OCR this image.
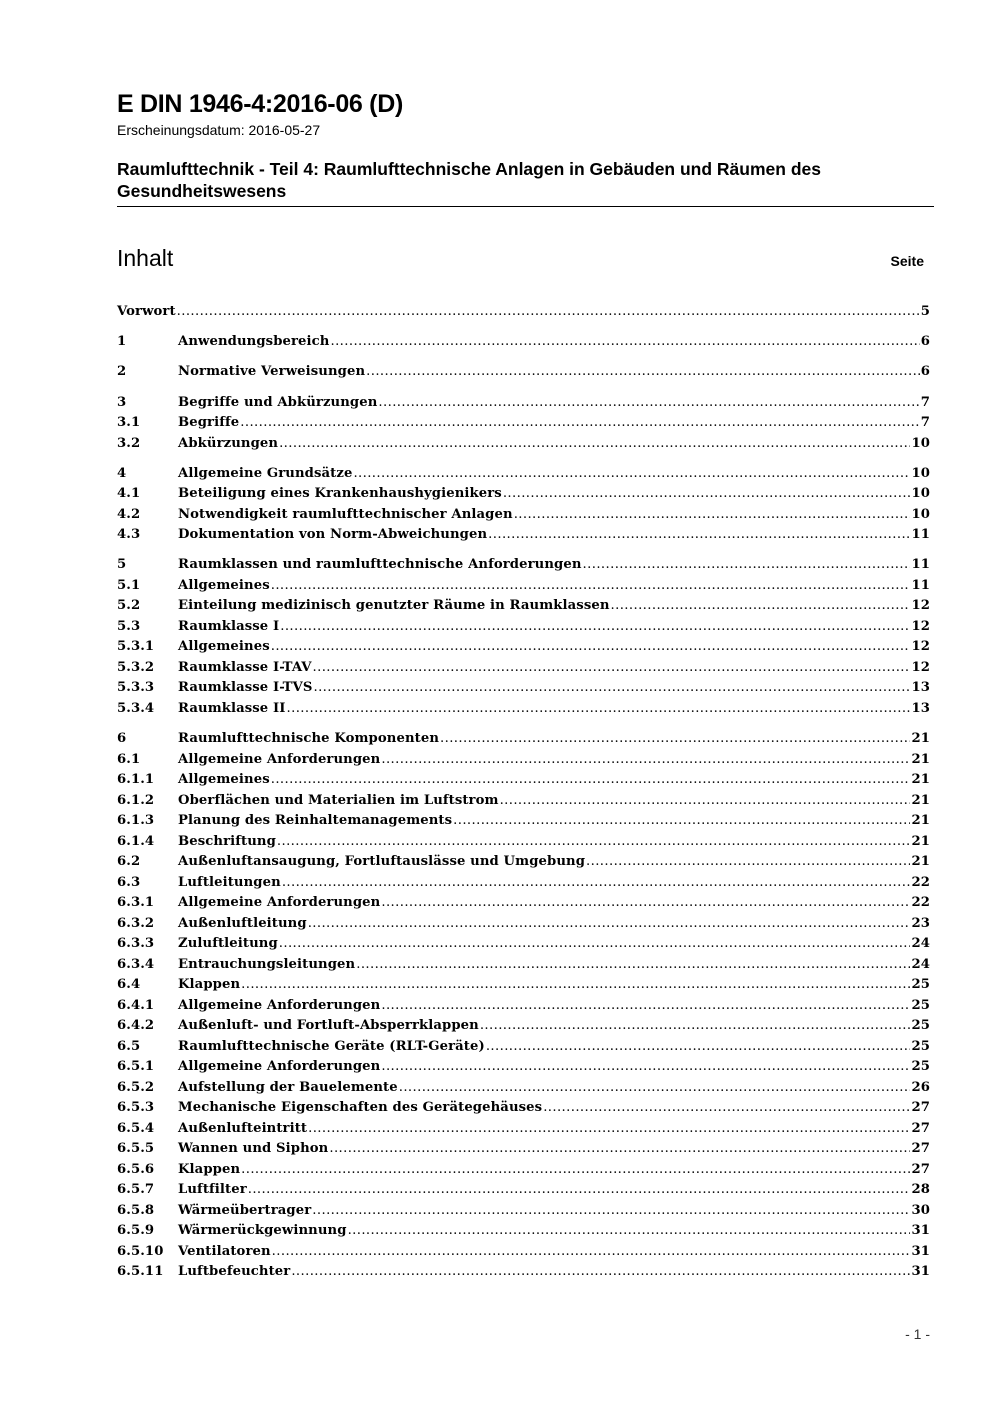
E DIN 1946-4:2016-06 (D)
Erscheinungsdatum: 2016-05-27
Raumlufttechnik - Teil 4: Raumlufttechnische Anlagen in Gebäuden und Räumen des Gesundheitswesens
Inhalt	Seite
Vorwort .....	5
1	Anwendungsbereich .....	6
2	Normative Verweisungen .....	6
3	Begriffe und Abkürzungen .....	7
3.1	Begriffe .....	7
3.2	Abkürzungen .....	10
4	Allgemeine Grundsätze .....	10
4.1	Beteiligung eines Krankenhaushygienikers .....	10
4.2	Notwendigkeit raumlufttechnischer Anlagen .....	10
4.3	Dokumentation von Norm-Abweichungen .....	11
5	Raumklassen und raumlufttechnische Anforderungen .....	11
5.1	Allgemeines .....	11
5.2	Einteilung medizinisch genutzter Räume in Raumklassen .....	12
5.3	Raumklasse I .....	12
5.3.1	Allgemeines .....	12
5.3.2	Raumklasse I-TAV .....	12
5.3.3	Raumklasse I-TVS .....	13
5.3.4	Raumklasse II .....	13
6	Raumlufttechnische Komponenten .....	21
6.1	Allgemeine Anforderungen .....	21
6.1.1	Allgemeines .....	21
6.1.2	Oberflächen und Materialien im Luftstrom .....	21
6.1.3	Planung des Reinhaltemanagements .....	21
6.1.4	Beschriftung .....	21
6.2	Außenluftansaugung, Fortluftauslässe und Umgebung .....	21
6.3	Luftleitungen .....	22
6.3.1	Allgemeine Anforderungen .....	22
6.3.2	Außenluftleitung .....	23
6.3.3	Zuluftleitung .....	24
6.3.4	Entrauchungsleitungen .....	24
6.4	Klappen .....	25
6.4.1	Allgemeine Anforderungen .....	25
6.4.2	Außenluft- und Fortluft-Absperrklappen .....	25
6.5	Raumlufttechnische Geräte (RLT-Geräte) .....	25
6.5.1	Allgemeine Anforderungen .....	25
6.5.2	Aufstellung der Bauelemente .....	26
6.5.3	Mechanische Eigenschaften des Gerätegehäuses .....	27
6.5.4	Außenlufteintritt .....	27
6.5.5	Wannen und Siphon .....	27
6.5.6	Klappen .....	27
6.5.7	Luftfilter .....	28
6.5.8	Wärmeübertrager .....	30
6.5.9	Wärmerückgewinnung .....	31
6.5.10	Ventilatoren .....	31
6.5.11	Luftbefeuchter .....	31
- 1 -
